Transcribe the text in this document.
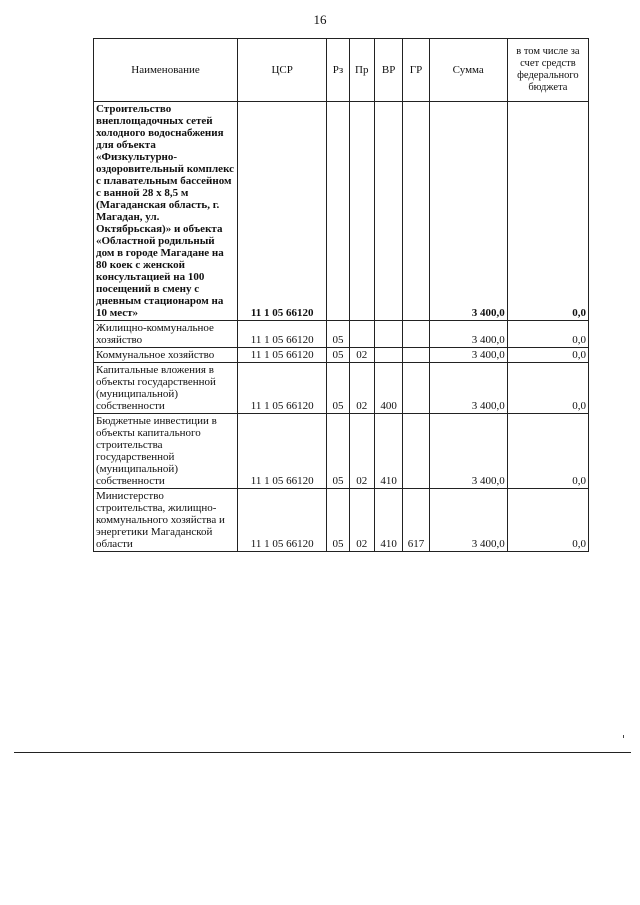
16
Наименование	ЦСР	Рз	Пр	ВР	ГР	Сумма	в том числе за счет средств федерального бюджета
Строительство внеплощадочных сетей холодного водоснабжения для объекта «Физкультурно-оздоровительный комплекс с плавательным бассейном с ванной 28 х 8,5 м (Магаданская область, г. Магадан, ул. Октябрьская)» и объекта «Областной родильный дом в городе Магадане на 80 коек с женской консультацией на 100 посещений в смену с дневным стационаром на 10 мест»	11 1 05 66120					3 400,0	0,0
Жилищно-коммунальное хозяйство	11 1 05 66120	05				3 400,0	0,0
Коммунальное хозяйство	11 1 05 66120	05	02			3 400,0	0,0
Капитальные вложения в объекты государственной (муниципальной) собственности	11 1 05 66120	05	02	400		3 400,0	0,0
Бюджетные инвестиции в объекты капитального строительства государственной (муниципальной) собственности	11 1 05 66120	05	02	410		3 400,0	0,0
Министерство строительства, жилищно-коммунального хозяйства и энергетики Магаданской области	11 1 05 66120	05	02	410	617	3 400,0	0,0
